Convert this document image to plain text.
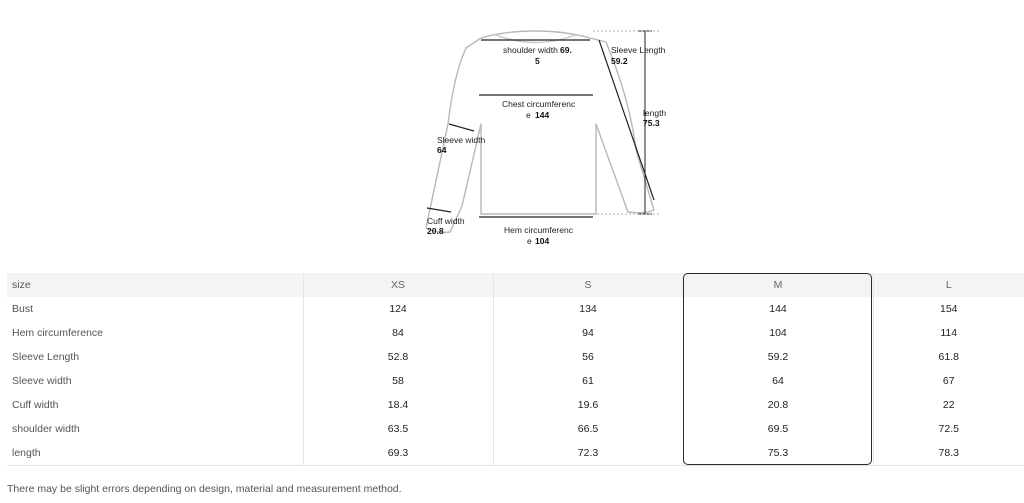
shoulder width 69.
5
Sleeve Length
59.2
Chest circumferenc
e 144	length
75.3
Sleeve width
64
Cuff width
20.8	Hem circumferenc
e 104
size	XS	S	M	L
Bust	124	134	144	154
Hem circumference	84	94	104	114
Sleeve Length	52.8	56	59.2	61.8
Sleeve width	58	61	64	67
Cuff width	18.4	19.6	20.8	22
shoulder width	63.5	66.5	69.5	72.5
length	69.3	72.3	75.3	78.3
There may be slight errors depending on design, material and measurement method.
